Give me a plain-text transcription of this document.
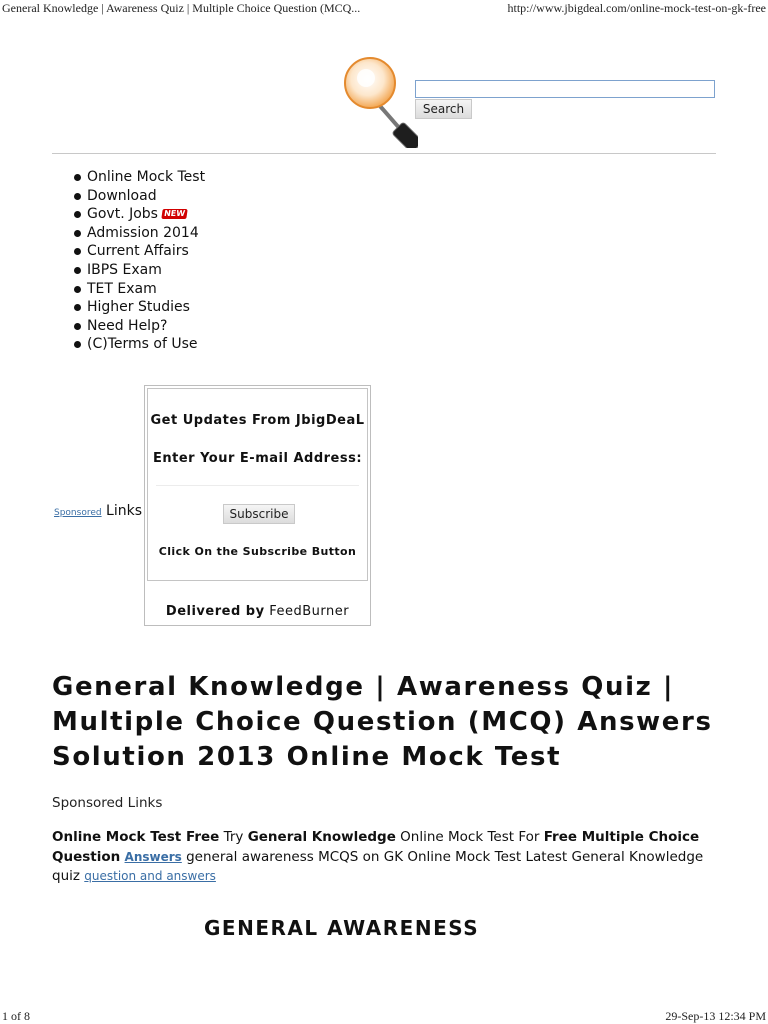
General Knowledge | Awareness Quiz | Multiple Choice Question (MCQ...	http://www.jbigdeal.com/online-mock-test-on-gk-free
Search
Online Mock Test
Download
Govt. Jobs NEW
Admission 2014
Current Affairs
IBPS Exam
TET Exam
Higher Studies
Need Help?
(C)Terms of Use
Sponsored Links
Get Updates From JbigDeaL
Enter Your E-mail Address:
Subscribe
Click On the Subscribe Button
Delivered by FeedBurner
General Knowledge | Awareness Quiz | Multiple Choice Question (MCQ) Answers Solution 2013 Online Mock Test
Sponsored Links

Online Mock Test Free Try General Knowledge Online Mock Test For Free Multiple Choice Question Answers general awareness MCQS on GK Online Mock Test Latest General Knowledge quiz question and answers

GENERAL AWARENESS
1 of 8	29-Sep-13 12:34 PM
